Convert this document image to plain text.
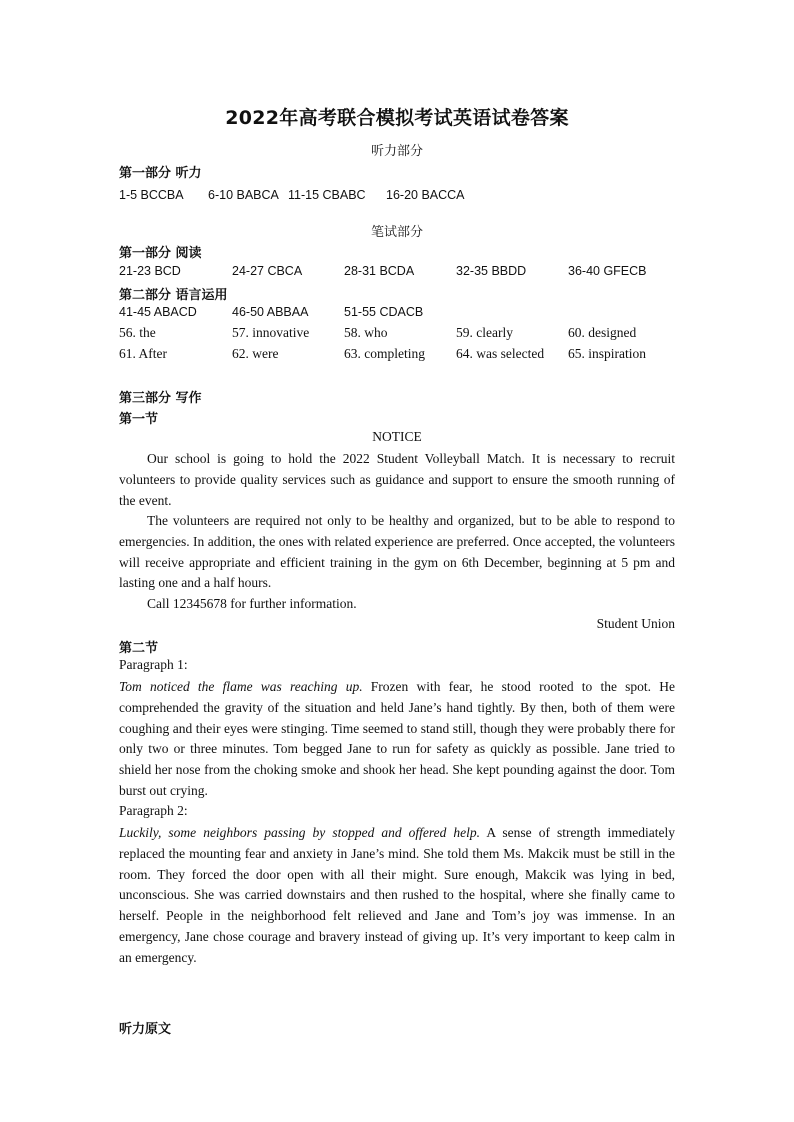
2022年高考联合模拟考试英语试卷答案
听力部分
第一部分 听力
1-5 BCCBA 6-10 BABCA 11-15 CBABC 16-20 BACCA
笔试部分
第一部分 阅读
21-23 BCD	24-27 CBCA	28-31 BCDA	32-35 BBDD	36-40 GFECB
第二部分 语言运用
41-45 ABACD	46-50 ABBAA	51-55 CDACB
56. the	57. innovative	58. who	59. clearly	60. designed
61. After	62. were	63. completing 64. was selected 65. inspiration
第三部分 写作
第一节
NOTICE
Our school is going to hold the 2022 Student Volleyball Match. It is necessary to recruit volunteers to provide quality services such as guidance and support to ensure the smooth running of the event.
The volunteers are required not only to be healthy and organized, but to be able to respond to emergencies. In addition, the ones with related experience are preferred. Once accepted, the volunteers will receive appropriate and efficient training in the gym on 6th December, beginning at 5 pm and lasting one and a half hours.
Call 12345678 for further information.
Student Union
第二节
Paragraph 1:
Tom noticed the flame was reaching up. Frozen with fear, he stood rooted to the spot. He comprehended the gravity of the situation and held Jane’s hand tightly. By then, both of them were coughing and their eyes were stinging. Time seemed to stand still, though they were probably there for only two or three minutes. Tom begged Jane to run for safety as quickly as possible. Jane tried to shield her nose from the choking smoke and shook her head. She kept pounding against the door. Tom burst out crying.
Paragraph 2:
Luckily, some neighbors passing by stopped and offered help. A sense of strength immediately replaced the mounting fear and anxiety in Jane’s mind. She told them Ms. Makcik must be still in the room. They forced the door open with all their might. Sure enough, Makcik was lying in bed, unconscious. She was carried downstairs and then rushed to the hospital, where she finally came to herself. People in the neighborhood felt relieved and Jane and Tom’s joy was immense. In an emergency, Jane chose courage and bravery instead of giving up. It’s very important to keep calm in an emergency.
听力原文
